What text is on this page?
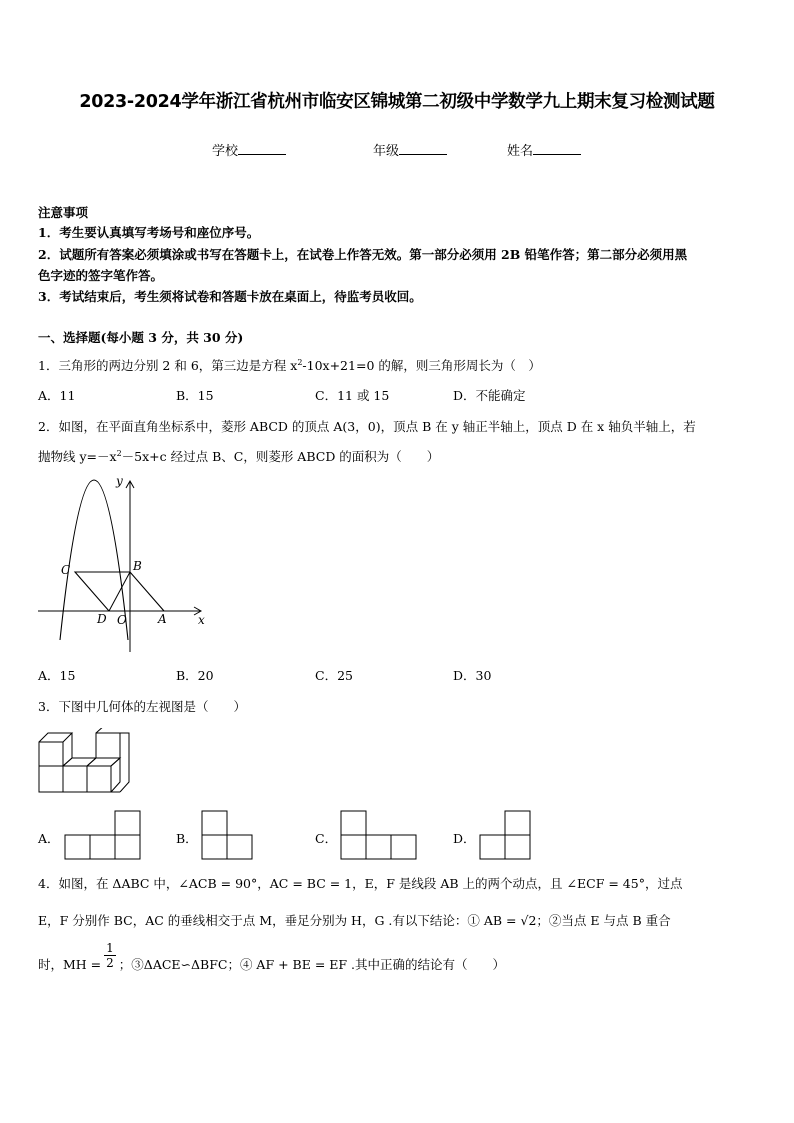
2023-2024学年浙江省杭州市临安区锦城第二初级中学数学九上期末复习检测试题
学校	年级	姓名
注意事项
1．考生要认真填写考场号和座位序号。
2．试题所有答案必须填涂或书写在答题卡上，在试卷上作答无效。第一部分必须用 2B 铅笔作答；第二部分必须用黑
色字迹的签字笔作答。
3．考试结束后，考生须将试卷和答题卡放在桌面上，待监考员收回。
一、选择题(每小题 3 分，共 30 分)
1．三角形的两边分别 2 和 6，第三边是方程 $x^2-10x+21=0$ 的解，则三角形周长为（　）
A．11	B．15	C．11 或 15	D．不能确定
2．如图，在平面直角坐标系中，菱形 ABCD 的顶点 A(3，0)，顶点 B 在 y 轴正半轴上，顶点 D 在 x 轴负半轴上，若
抛物线 $y=-x^2-5x+c$ 经过点 B、C，则菱形 ABCD 的面积为（　　）
y
x
C	B
D O	A
A．15	B．20	C．25	D．30
3．下图中几何体的左视图是（　　）
A．	B．	C．	D．
4．如图，在 ΔABC 中，∠ACB = 90°，AC = BC = 1，E，F 是线段 AB 上的两个动点，且 ∠ECF = 45°，过点
E，F 分别作 BC，AC 的垂线相交于点 M，垂足分别为 H，G .有以下结论：① AB = √2；②当点 E 与点 B 重合
时，MH = $\frac{1}{2}$ ；③ΔACE∽ΔBFC；④ AF + BE = EF .其中正确的结论有（　　）
